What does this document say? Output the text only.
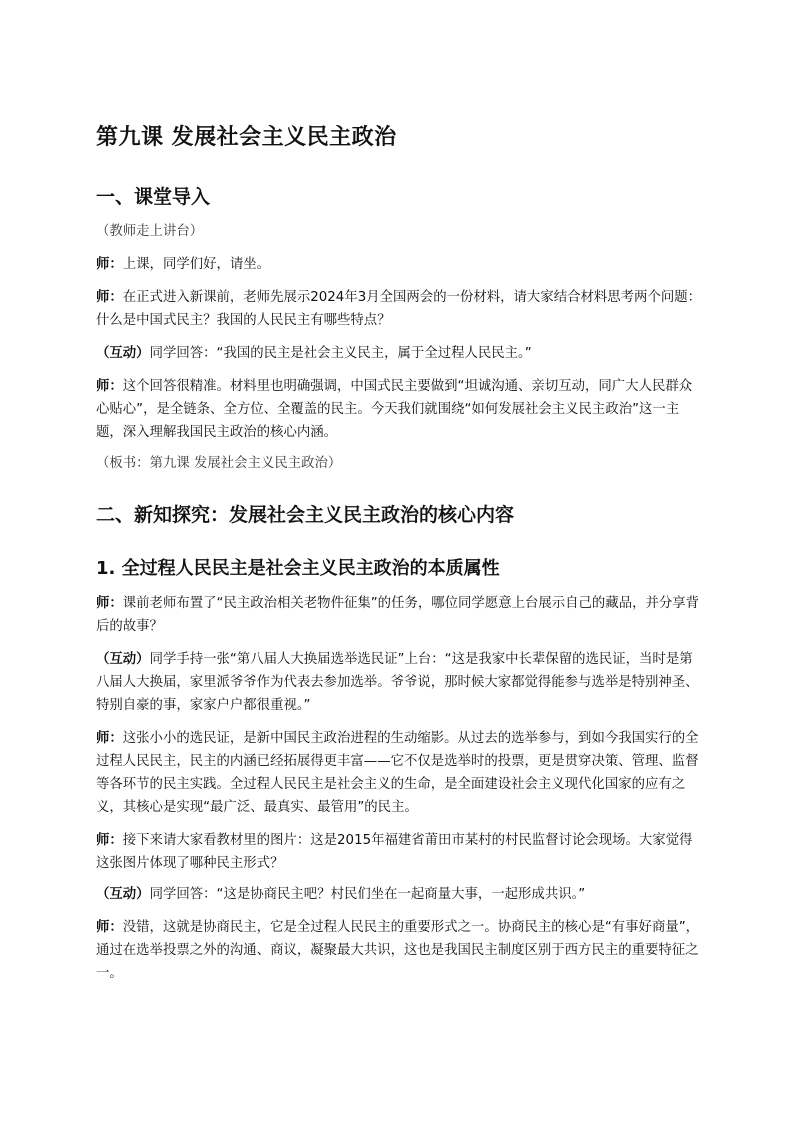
第九课 发展社会主义民主政治
一、课堂导入
（教师走上讲台）
师：上课，同学们好，请坐。
师：在正式进入新课前，老师先展示2024年3月全国两会的一份材料，请大家结合材料思考两个问题：什么是中国式民主？我国的人民民主有哪些特点？
（互动）同学回答：“我国的民主是社会主义民主，属于全过程人民民主。”
师：这个回答很精准。材料里也明确强调，中国式民主要做到“坦诚沟通、亲切互动，同广大人民群众心贴心”，是全链条、全方位、全覆盖的民主。今天我们就围绕“如何发展社会主义民主政治”这一主题，深入理解我国民主政治的核心内涵。
（板书：第九课 发展社会主义民主政治）
二、新知探究：发展社会主义民主政治的核心内容
1. 全过程人民民主是社会主义民主政治的本质属性
师：课前老师布置了“民主政治相关老物件征集”的任务，哪位同学愿意上台展示自己的藏品，并分享背后的故事？
（互动）同学手持一张“第八届人大换届选举选民证”上台：“这是我家中长辈保留的选民证，当时是第八届人大换届，家里派爷爷作为代表去参加选举。爷爷说，那时候大家都觉得能参与选举是特别神圣、特别自豪的事，家家户户都很重视。”
师：这张小小的选民证，是新中国民主政治进程的生动缩影。从过去的选举参与，到如今我国实行的全过程人民民主，民主的内涵已经拓展得更丰富——它不仅是选举时的投票，更是贯穿决策、管理、监督等各环节的民主实践。全过程人民民主是社会主义的生命，是全面建设社会主义现代化国家的应有之义，其核心是实现“最广泛、最真实、最管用”的民主。
师：接下来请大家看教材里的图片：这是2015年福建省莆田市某村的村民监督讨论会现场。大家觉得这张图片体现了哪种民主形式？
（互动）同学回答：“这是协商民主吧？村民们坐在一起商量大事，一起形成共识。”
师：没错，这就是协商民主，它是全过程人民民主的重要形式之一。协商民主的核心是“有事好商量”，通过在选举投票之外的沟通、商议，凝聚最大共识，这也是我国民主制度区别于西方民主的重要特征之一。
